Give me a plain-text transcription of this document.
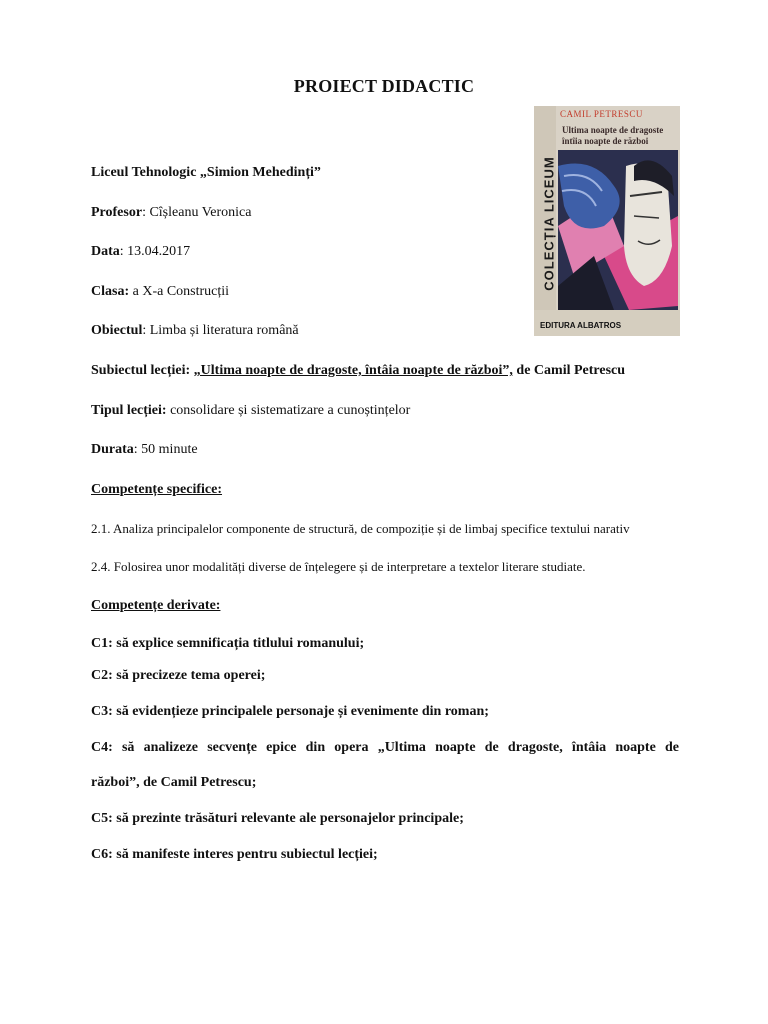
PROIECT DIDACTIC
CAMIL PETRESCU
Ultima noapte de dragoste
întîia noapte de război
COLECȚIA LICEUM
EDITURA ALBATROS
Liceul Tehnologic „Simion Mehedinți”
Profesor: Cîșleanu Veronica
Data: 13.04.2017
Clasa: a X-a Construcții
Obiectul: Limba și literatura română
Subiectul lecției: „Ultima noapte de dragoste, întâia noapte de război”, de Camil Petrescu
Tipul lecției: consolidare și sistematizare a cunoștințelor
Durata: 50 minute
Competențe specifice:
2.1. Analiza principalelor componente de structură, de compoziție și de limbaj specifice textului narativ
2.4. Folosirea unor modalități diverse de înțelegere și de interpretare a textelor literare studiate.
Competențe derivate:
C1: să explice semnificația titlului romanului;
C2: să precizeze tema operei;
C3: să evidențieze principalele personaje și evenimente din roman;
C4: să analizeze secvențe epice din opera „Ultima noapte de dragoste, întâia noapte de
război”, de Camil Petrescu;
C5: să prezinte trăsături relevante ale personajelor principale;
C6: să manifeste interes pentru subiectul lecției;
